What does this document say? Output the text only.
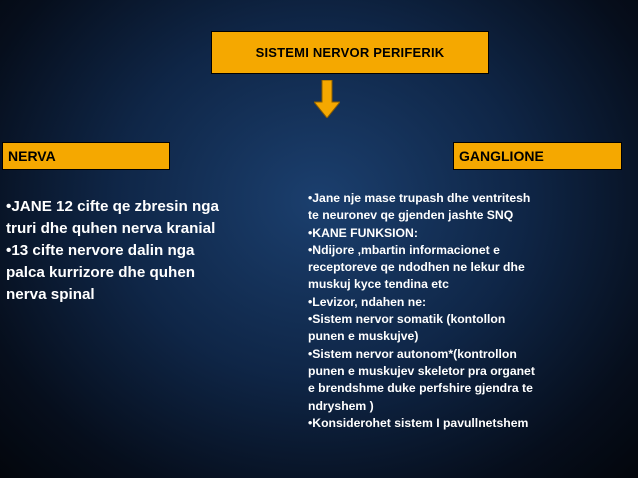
SISTEMI NERVOR PERIFERIK
NERVA	GANGLIONE

•JANE 12 cifte qe zbresin nga
truri dhe quhen nerva kranial

•13 cifte nervore dalin nga
palca kurrizore dhe quhen
nerva spinal

•Jane nje mase trupash dhe ventritesh
te neuronev qe gjenden jashte SNQ

•KANE FUNKSION:

•Ndijore ,mbartin informacionet e
receptoreve qe ndodhen ne lekur dhe
muskuj kyce tendina etc

•Levizor, ndahen ne:

•Sistem nervor somatik (kontollon
punen e muskujve)

•Sistem nervor autonom*(kontrollon
punen e muskujev skeletor pra organet
e brendshme duke perfshire gjendra te
ndryshem )

•Konsiderohet sistem I pavullnetshem
